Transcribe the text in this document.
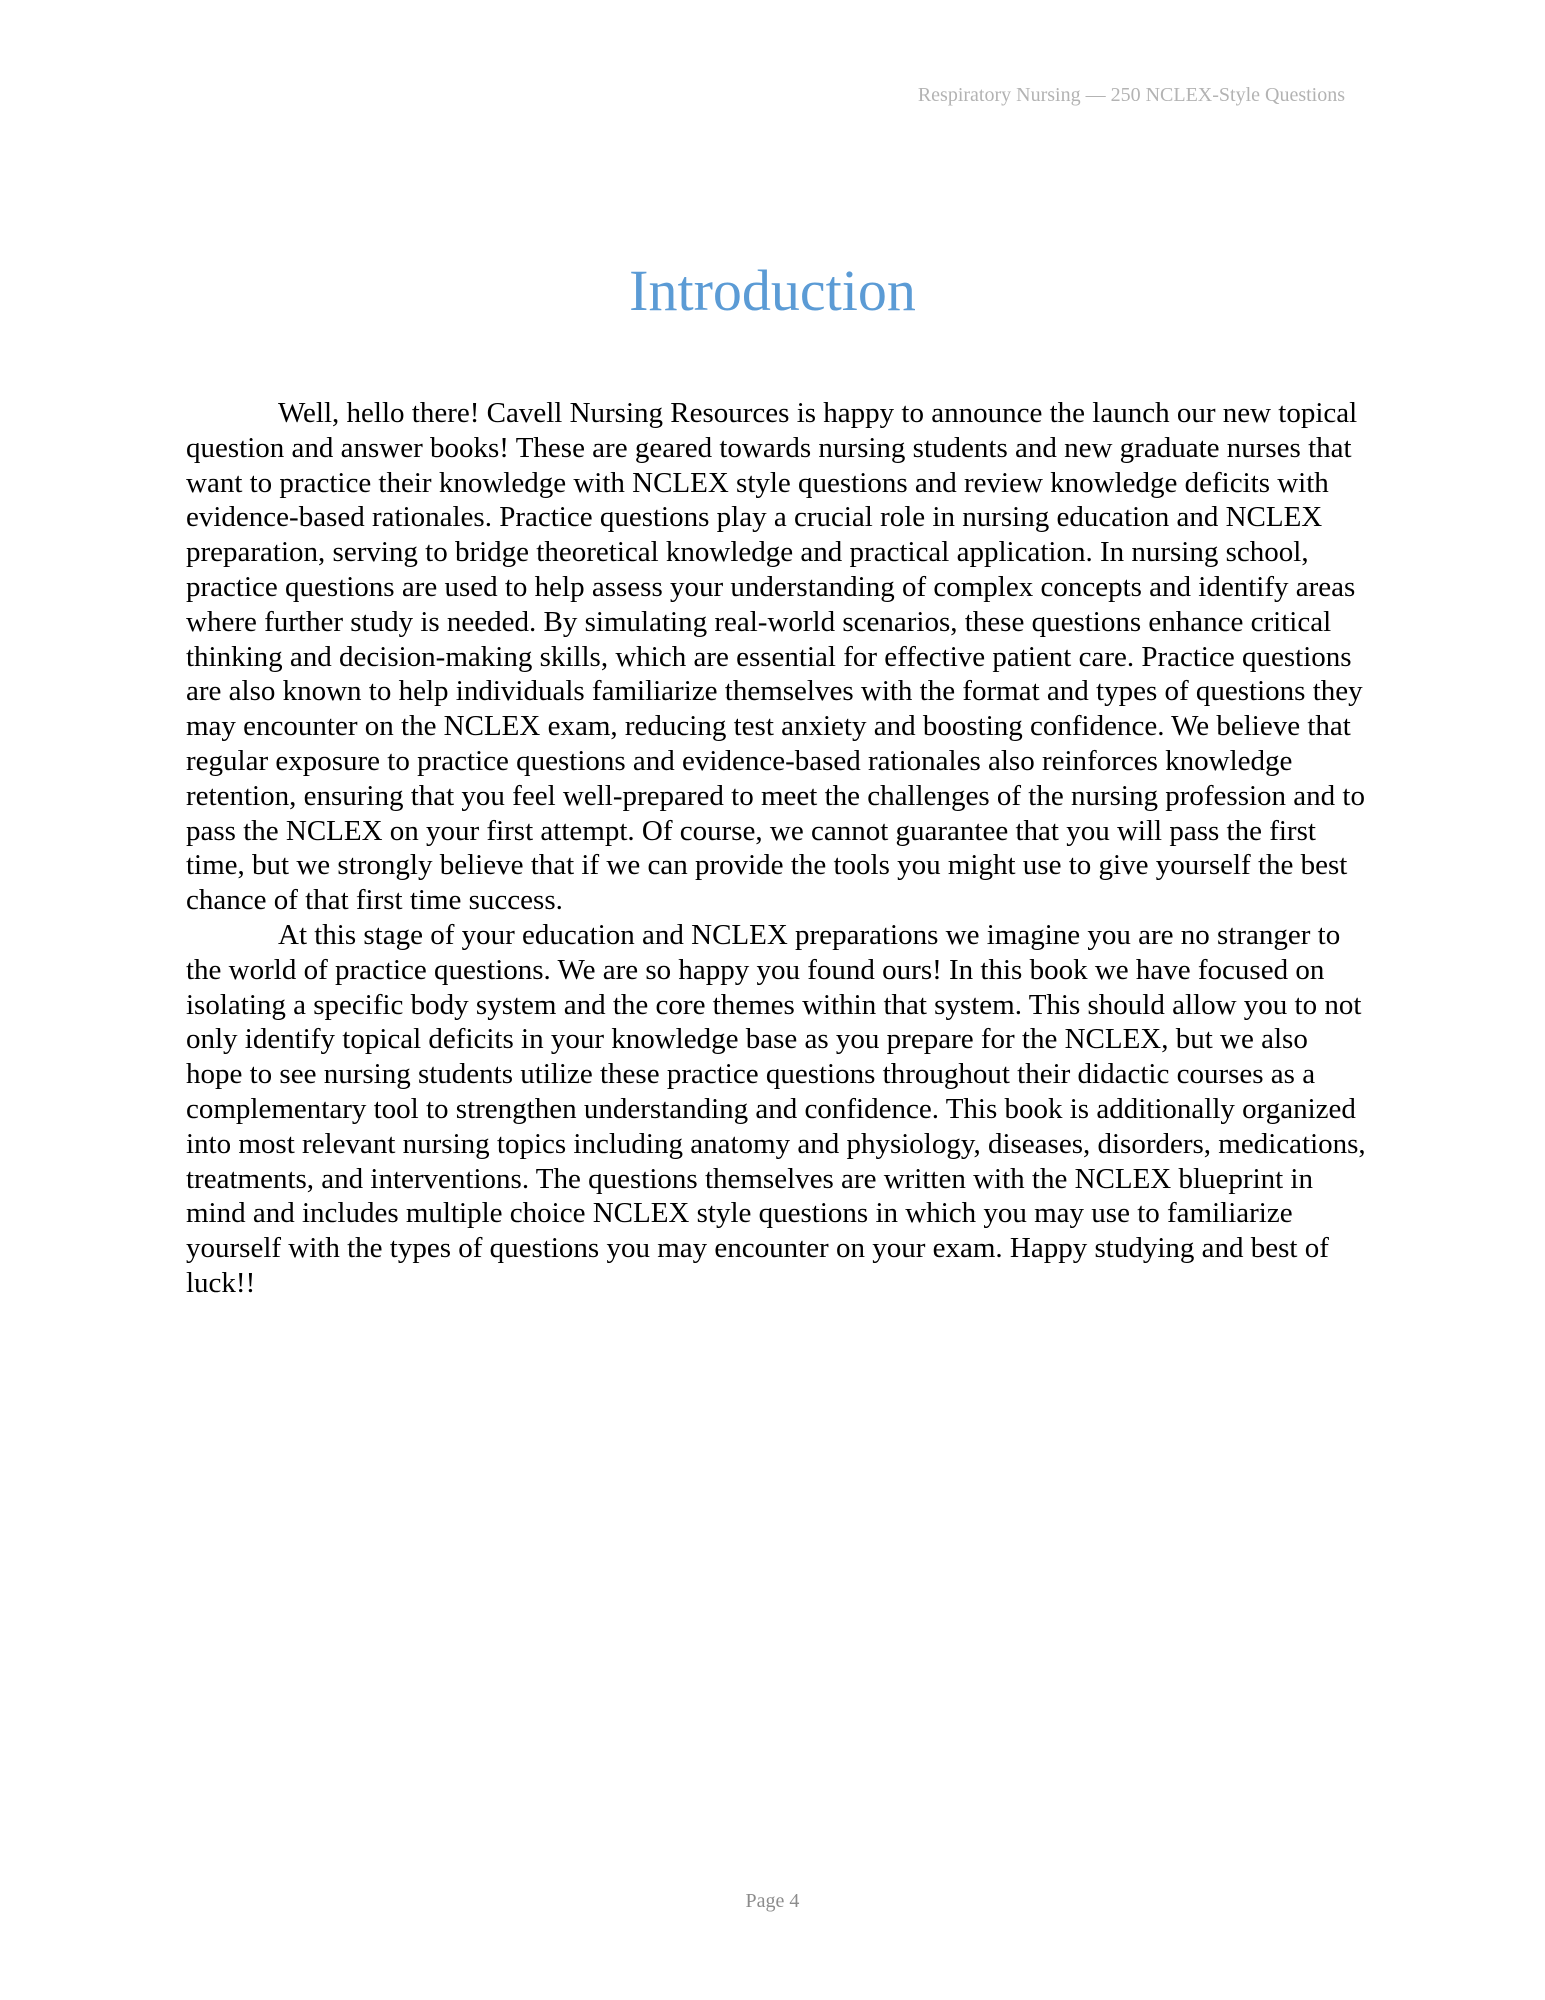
Respiratory Nursing — 250 NCLEX-Style Questions
Introduction

Well, hello there! Cavell Nursing Resources is happy to announce the launch our new topical question and answer books! These are geared towards nursing students and new graduate nurses that want to practice their knowledge with NCLEX style questions and review knowledge deficits with evidence-based rationales. Practice questions play a crucial role in nursing education and NCLEX preparation, serving to bridge theoretical knowledge and practical application. In nursing school, practice questions are used to help assess your understanding of complex concepts and identify areas where further study is needed. By simulating real-world scenarios, these questions enhance critical thinking and decision-making skills, which are essential for effective patient care. Practice questions are also known to help individuals familiarize themselves with the format and types of questions they may encounter on the NCLEX exam, reducing test anxiety and boosting confidence. We believe that regular exposure to practice questions and evidence-based rationales also reinforces knowledge retention, ensuring that you feel well-prepared to meet the challenges of the nursing profession and to pass the NCLEX on your first attempt. Of course, we cannot guarantee that you will pass the first time, but we strongly believe that if we can provide the tools you might use to give yourself the best chance of that first time success.

At this stage of your education and NCLEX preparations we imagine you are no stranger to the world of practice questions. We are so happy you found ours! In this book we have focused on isolating a specific body system and the core themes within that system. This should allow you to not only identify topical deficits in your knowledge base as you prepare for the NCLEX, but we also hope to see nursing students utilize these practice questions throughout their didactic courses as a complementary tool to strengthen understanding and confidence. This book is additionally organized into most relevant nursing topics including anatomy and physiology, diseases, disorders, medications, treatments, and interventions. The questions themselves are written with the NCLEX blueprint in mind and includes multiple choice NCLEX style questions in which you may use to familiarize yourself with the types of questions you may encounter on your exam. Happy studying and best of luck!!

Page 4
